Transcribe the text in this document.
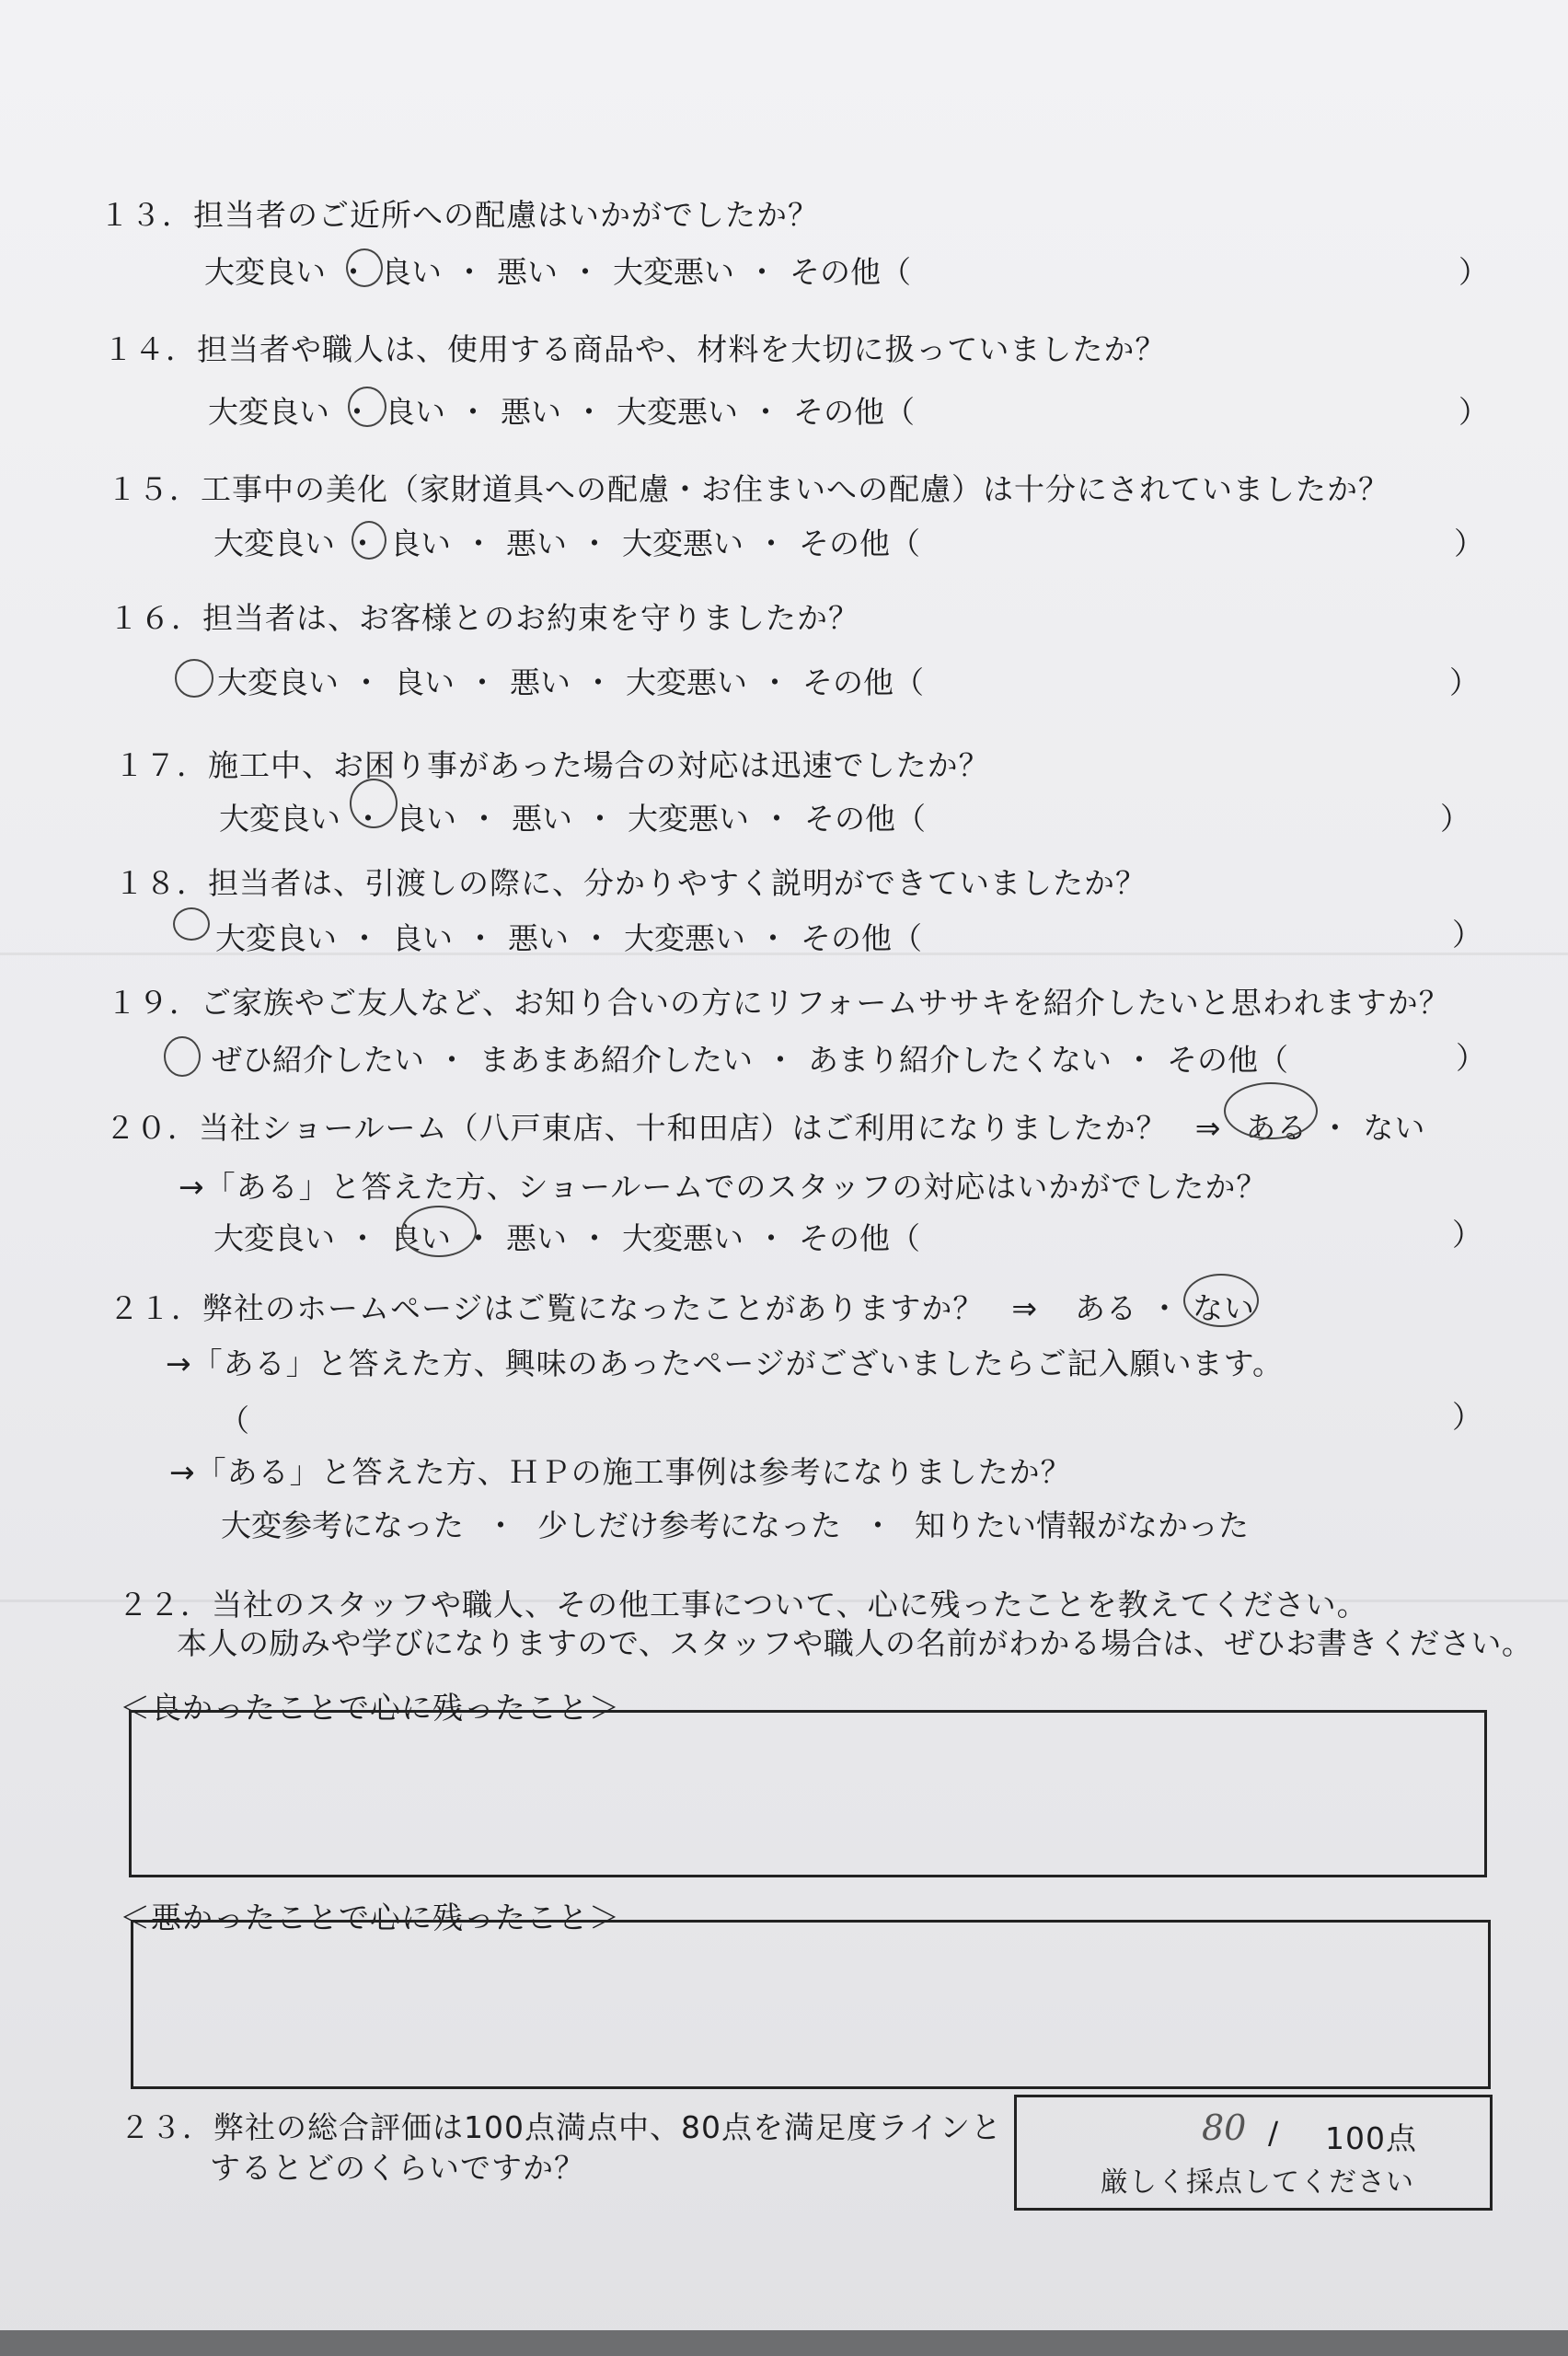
１３．担当者のご近所への配慮はいかがでしたか？
大変良い ・ 良い ・ 悪い ・ 大変悪い ・ その他（	）
１４．担当者や職人は、使用する商品や、材料を大切に扱っていましたか？
大変良い ・ 良い ・ 悪い ・ 大変悪い ・ その他（	）
１５．工事中の美化（家財道具への配慮・お住まいへの配慮）は十分にされていましたか？
大変良い ・ 良い ・ 悪い ・ 大変悪い ・ その他（	）
１６．担当者は、お客様とのお約束を守りましたか？
大変良い ・ 良い ・ 悪い ・ 大変悪い ・ その他（	）
１７．施工中、お困り事があった場合の対応は迅速でしたか？
大変良い ・ 良い ・ 悪い ・ 大変悪い ・ その他（	）
１８．担当者は、引渡しの際に、分かりやすく説明ができていましたか？
大変良い ・ 良い ・ 悪い ・ 大変悪い ・ その他（	）
１９．ご家族やご友人など、お知り合いの方にリフォームササキを紹介したいと思われますか？
ぜひ紹介したい ・ まあまあ紹介したい ・ あまり紹介したくない ・ その他（	）
２０．当社ショールーム（八戸東店、十和田店）はご利用になりましたか？ ⇒ ある ・ ない
→「ある」と答えた方、ショールームでのスタッフの対応はいかがでしたか？
大変良い ・ 良い ・ 悪い ・ 大変悪い ・ その他（	）
２１．弊社のホームページはご覧になったことがありますか？ ⇒ ある ・ ない
→「ある」と答えた方、興味のあったページがございましたらご記入願います。
（	）
→「ある」と答えた方、ＨＰの施工事例は参考になりましたか？
大変参考になった ・ 少しだけ参考になった ・ 知りたい情報がなかった
２２．当社のスタッフや職人、その他工事について、心に残ったことを教えてください。
本人の励みや学びになりますので、スタッフや職人の名前がわかる場合は、ぜひお書きください。
＜良かったことで心に残ったこと＞
＜悪かったことで心に残ったこと＞
２３．弊社の総合評価は100点満点中、80点を満足度ラインと
するとどのくらいですか？
80 / 100点
厳しく採点してください
